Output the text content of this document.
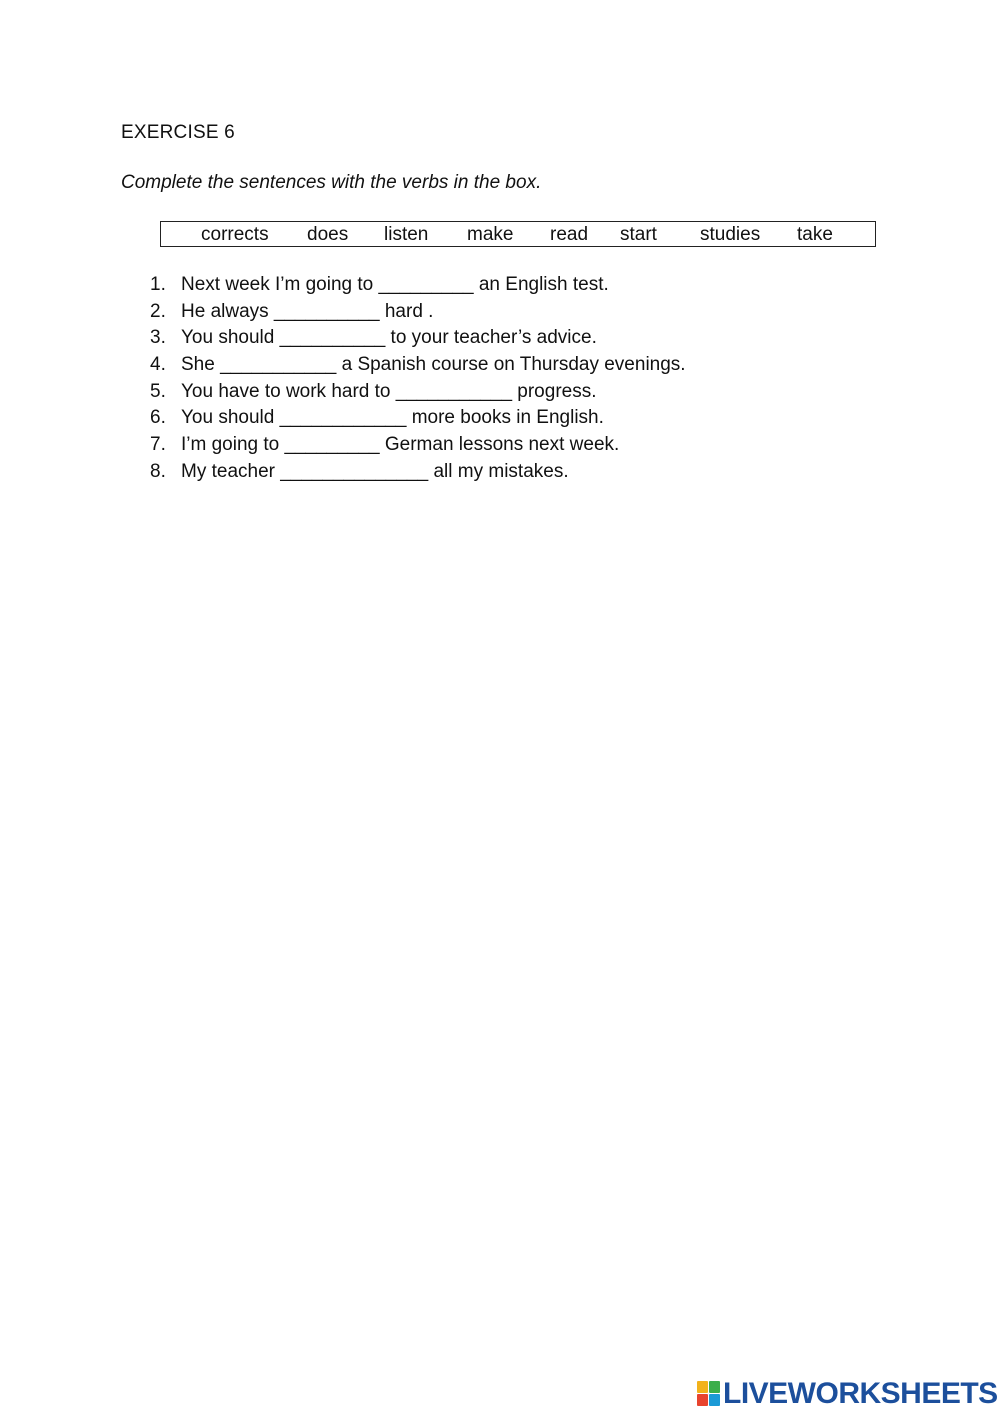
EXERCISE 6
Complete the sentences with the verbs in the box.
corrects does listen make read start studies take
1. Next week I’m going to _________ an English test.
2. He always __________ hard .
3. You should __________ to your teacher’s advice.
4. She ___________ a Spanish course on Thursday evenings.
5. You have to work hard to ___________ progress.
6. You should ____________ more books in English.
7. I’m going to _________ German lessons next week.
8. My teacher ______________ all my mistakes.
LIVEWORKSHEETS
